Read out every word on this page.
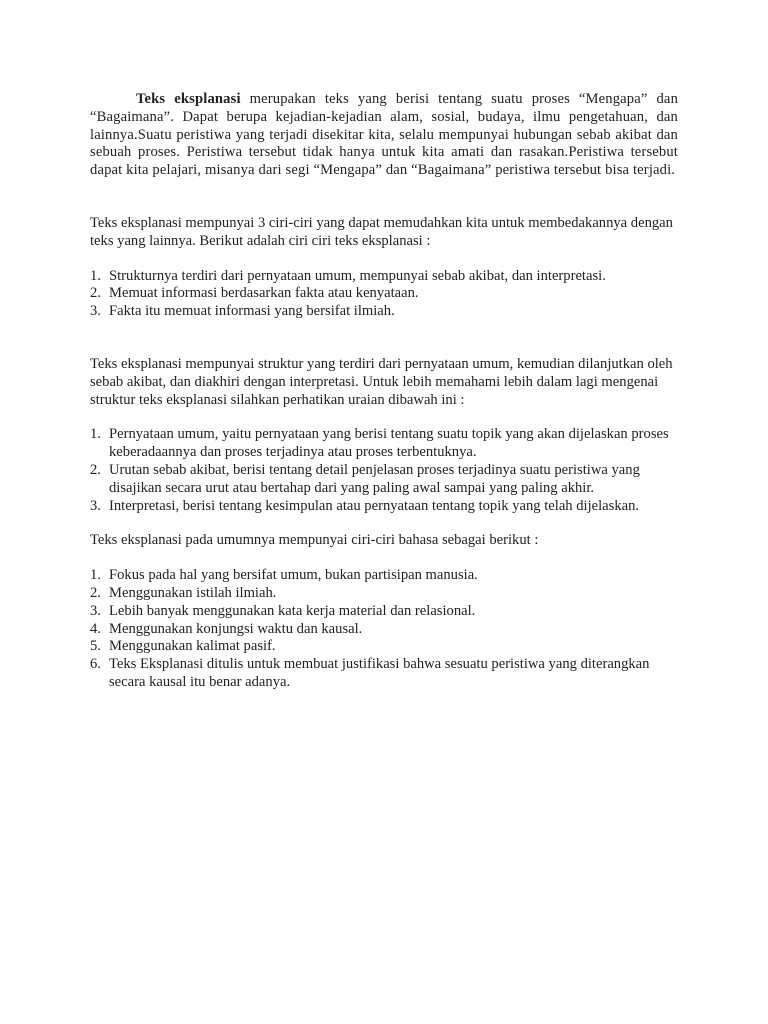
Teks eksplanasi merupakan teks yang berisi tentang suatu proses “Mengapa” dan “Bagaimana”. Dapat berupa kejadian-kejadian alam, sosial, budaya, ilmu pengetahuan, dan lainnya.Suatu peristiwa yang terjadi disekitar kita, selalu mempunyai hubungan sebab akibat dan sebuah proses. Peristiwa tersebut tidak hanya untuk kita amati dan rasakan.Peristiwa tersebut dapat kita pelajari, misanya dari segi “Mengapa” dan “Bagaimana” peristiwa tersebut bisa terjadi.

Teks eksplanasi mempunyai 3 ciri-ciri yang dapat memudahkan kita untuk membedakannya dengan teks yang lainnya. Berikut adalah ciri ciri teks eksplanasi :

1. Strukturnya terdiri dari pernyataan umum, mempunyai sebab akibat, dan interpretasi.
2. Memuat informasi berdasarkan fakta atau kenyataan.
3. Fakta itu memuat informasi yang bersifat ilmiah.

Teks eksplanasi mempunyai struktur yang terdiri dari pernyataan umum, kemudian dilanjutkan oleh sebab akibat, dan diakhiri dengan interpretasi. Untuk lebih memahami lebih dalam lagi mengenai struktur teks eksplanasi silahkan perhatikan uraian dibawah ini :

1. Pernyataan umum, yaitu pernyataan yang berisi tentang suatu topik yang akan dijelaskan proses keberadaannya dan proses terjadinya atau proses terbentuknya.
2. Urutan sebab akibat, berisi tentang detail penjelasan proses terjadinya suatu peristiwa yang disajikan secara urut atau bertahap dari yang paling awal sampai yang paling akhir.
3. Interpretasi, berisi tentang kesimpulan atau pernyataan tentang topik yang telah dijelaskan.

Teks eksplanasi pada umumnya mempunyai ciri-ciri bahasa sebagai berikut :

1. Fokus pada hal yang bersifat umum, bukan partisipan manusia.
2. Menggunakan istilah ilmiah.
3. Lebih banyak menggunakan kata kerja material dan relasional.
4. Menggunakan konjungsi waktu dan kausal.
5. Menggunakan kalimat pasif.
6. Teks Eksplanasi ditulis untuk membuat justifikasi bahwa sesuatu peristiwa yang diterangkan secara kausal itu benar adanya.
